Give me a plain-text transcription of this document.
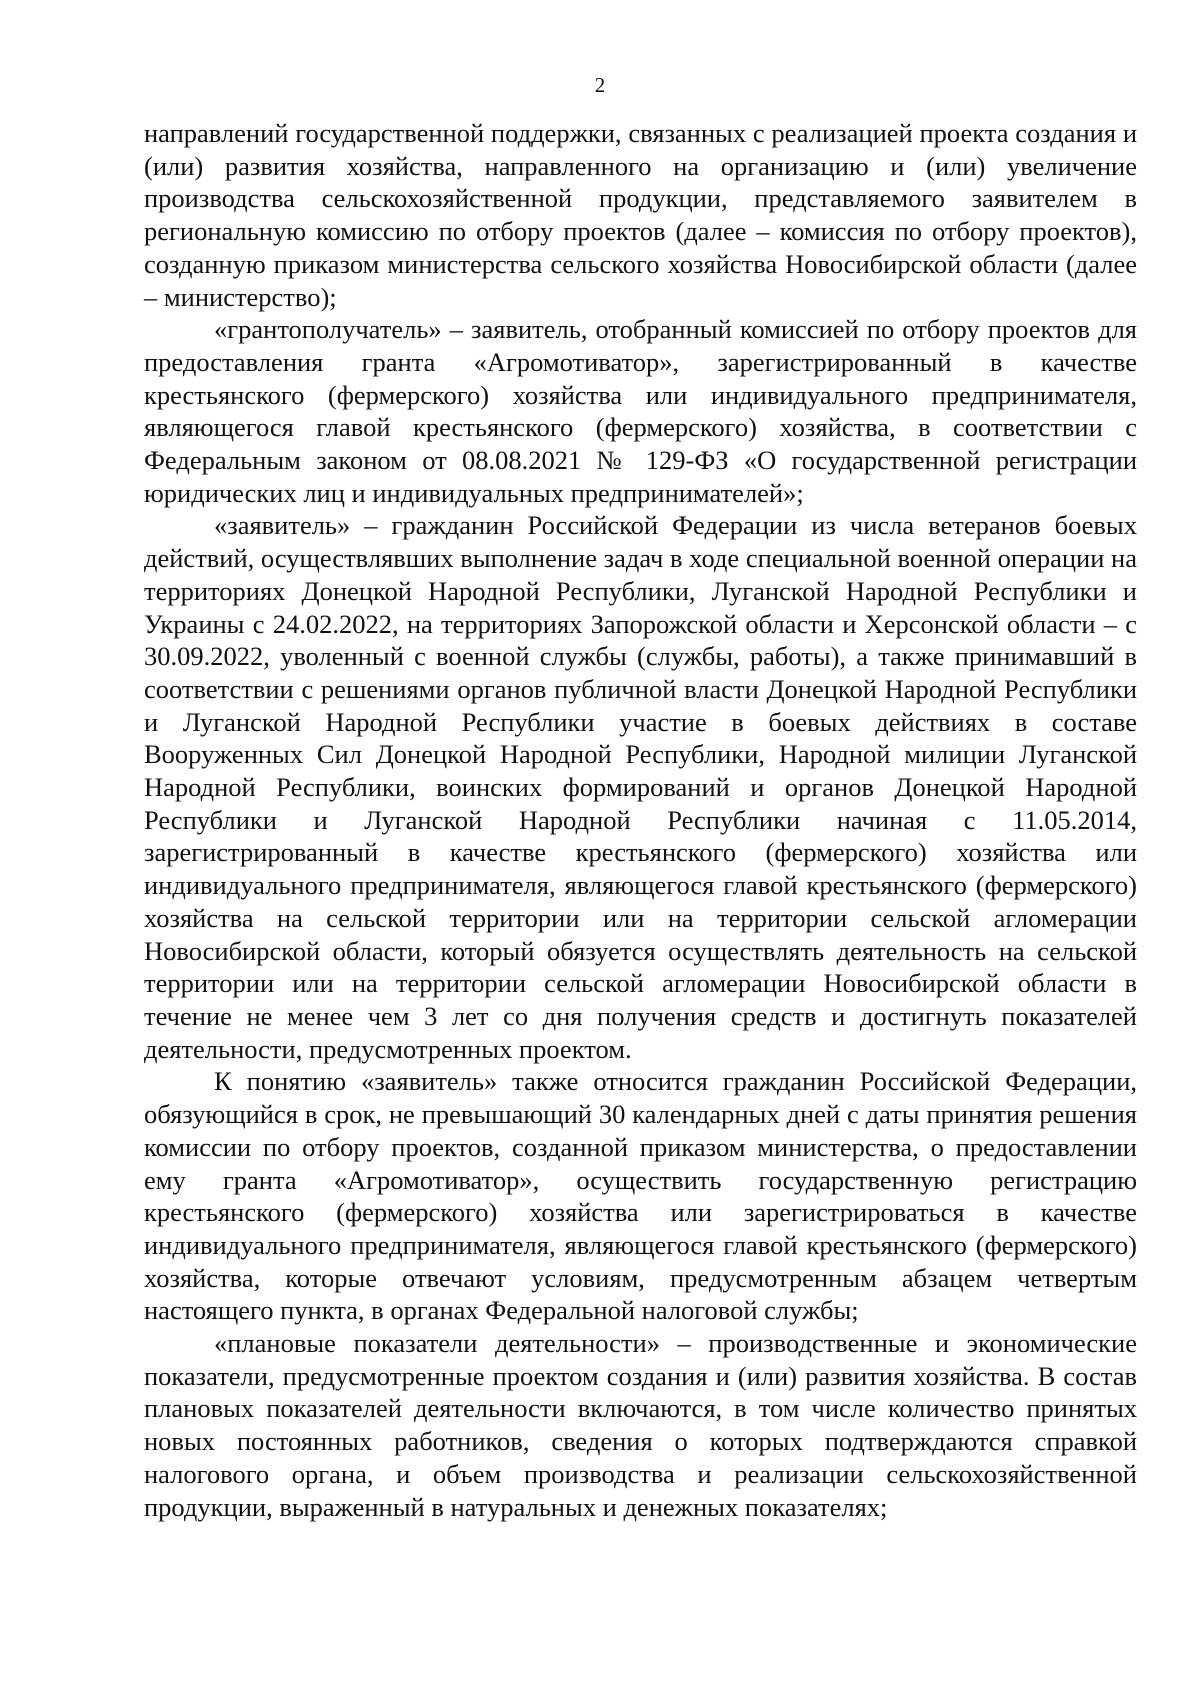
2

направлений государственной поддержки, связанных с реализацией проекта создания и (или) развития хозяйства, направленного на организацию и (или) увеличение производства сельскохозяйственной продукции, представляемого заявителем в региональную комиссию по отбору проектов (далее – комиссия по отбору проектов), созданную приказом министерства сельского хозяйства Новосибирской области (далее – министерство);

«грантополучатель» – заявитель, отобранный комиссией по отбору проектов для предоставления гранта «Агромотиватор», зарегистрированный в качестве крестьянского (фермерского) хозяйства или индивидуального предпринимателя, являющегося главой крестьянского (фермерского) хозяйства, в соответствии с Федеральным законом от 08.08.2021 № 129-ФЗ «О государственной регистрации юридических лиц и индивидуальных предпринимателей»;

«заявитель» – гражданин Российской Федерации из числа ветеранов боевых действий, осуществлявших выполнение задач в ходе специальной военной операции на территориях Донецкой Народной Республики, Луганской Народной Республики и Украины с 24.02.2022, на территориях Запорожской области и Херсонской области – с 30.09.2022, уволенный с военной службы (службы, работы), а также принимавший в соответствии с решениями органов публичной власти Донецкой Народной Республики и Луганской Народной Республики участие в боевых действиях в составе Вооруженных Сил Донецкой Народной Республики, Народной милиции Луганской Народной Республики, воинских формирований и органов Донецкой Народной Республики и Луганской Народной Республики начиная с 11.05.2014, зарегистрированный в качестве крестьянского (фермерского) хозяйства или индивидуального предпринимателя, являющегося главой крестьянского (фермерского) хозяйства на сельской территории или на территории сельской агломерации Новосибирской области, который обязуется осуществлять деятельность на сельской территории или на территории сельской агломерации Новосибирской области в течение не менее чем 3 лет со дня получения средств и достигнуть показателей деятельности, предусмотренных проектом.

К понятию «заявитель» также относится гражданин Российской Федерации, обязующийся в срок, не превышающий 30 календарных дней с даты принятия решения комиссии по отбору проектов, созданной приказом министерства, о предоставлении ему гранта «Агромотиватор», осуществить государственную регистрацию крестьянского (фермерского) хозяйства или зарегистрироваться в качестве индивидуального предпринимателя, являющегося главой крестьянского (фермерского) хозяйства, которые отвечают условиям, предусмотренным абзацем четвертым настоящего пункта, в органах Федеральной налоговой службы;

«плановые показатели деятельности» – производственные и экономические показатели, предусмотренные проектом создания и (или) развития хозяйства. В состав плановых показателей деятельности включаются, в том числе количество принятых новых постоянных работников, сведения о которых подтверждаются справкой налогового органа, и объем производства и реализации сельскохозяйственной продукции, выраженный в натуральных и денежных показателях;
